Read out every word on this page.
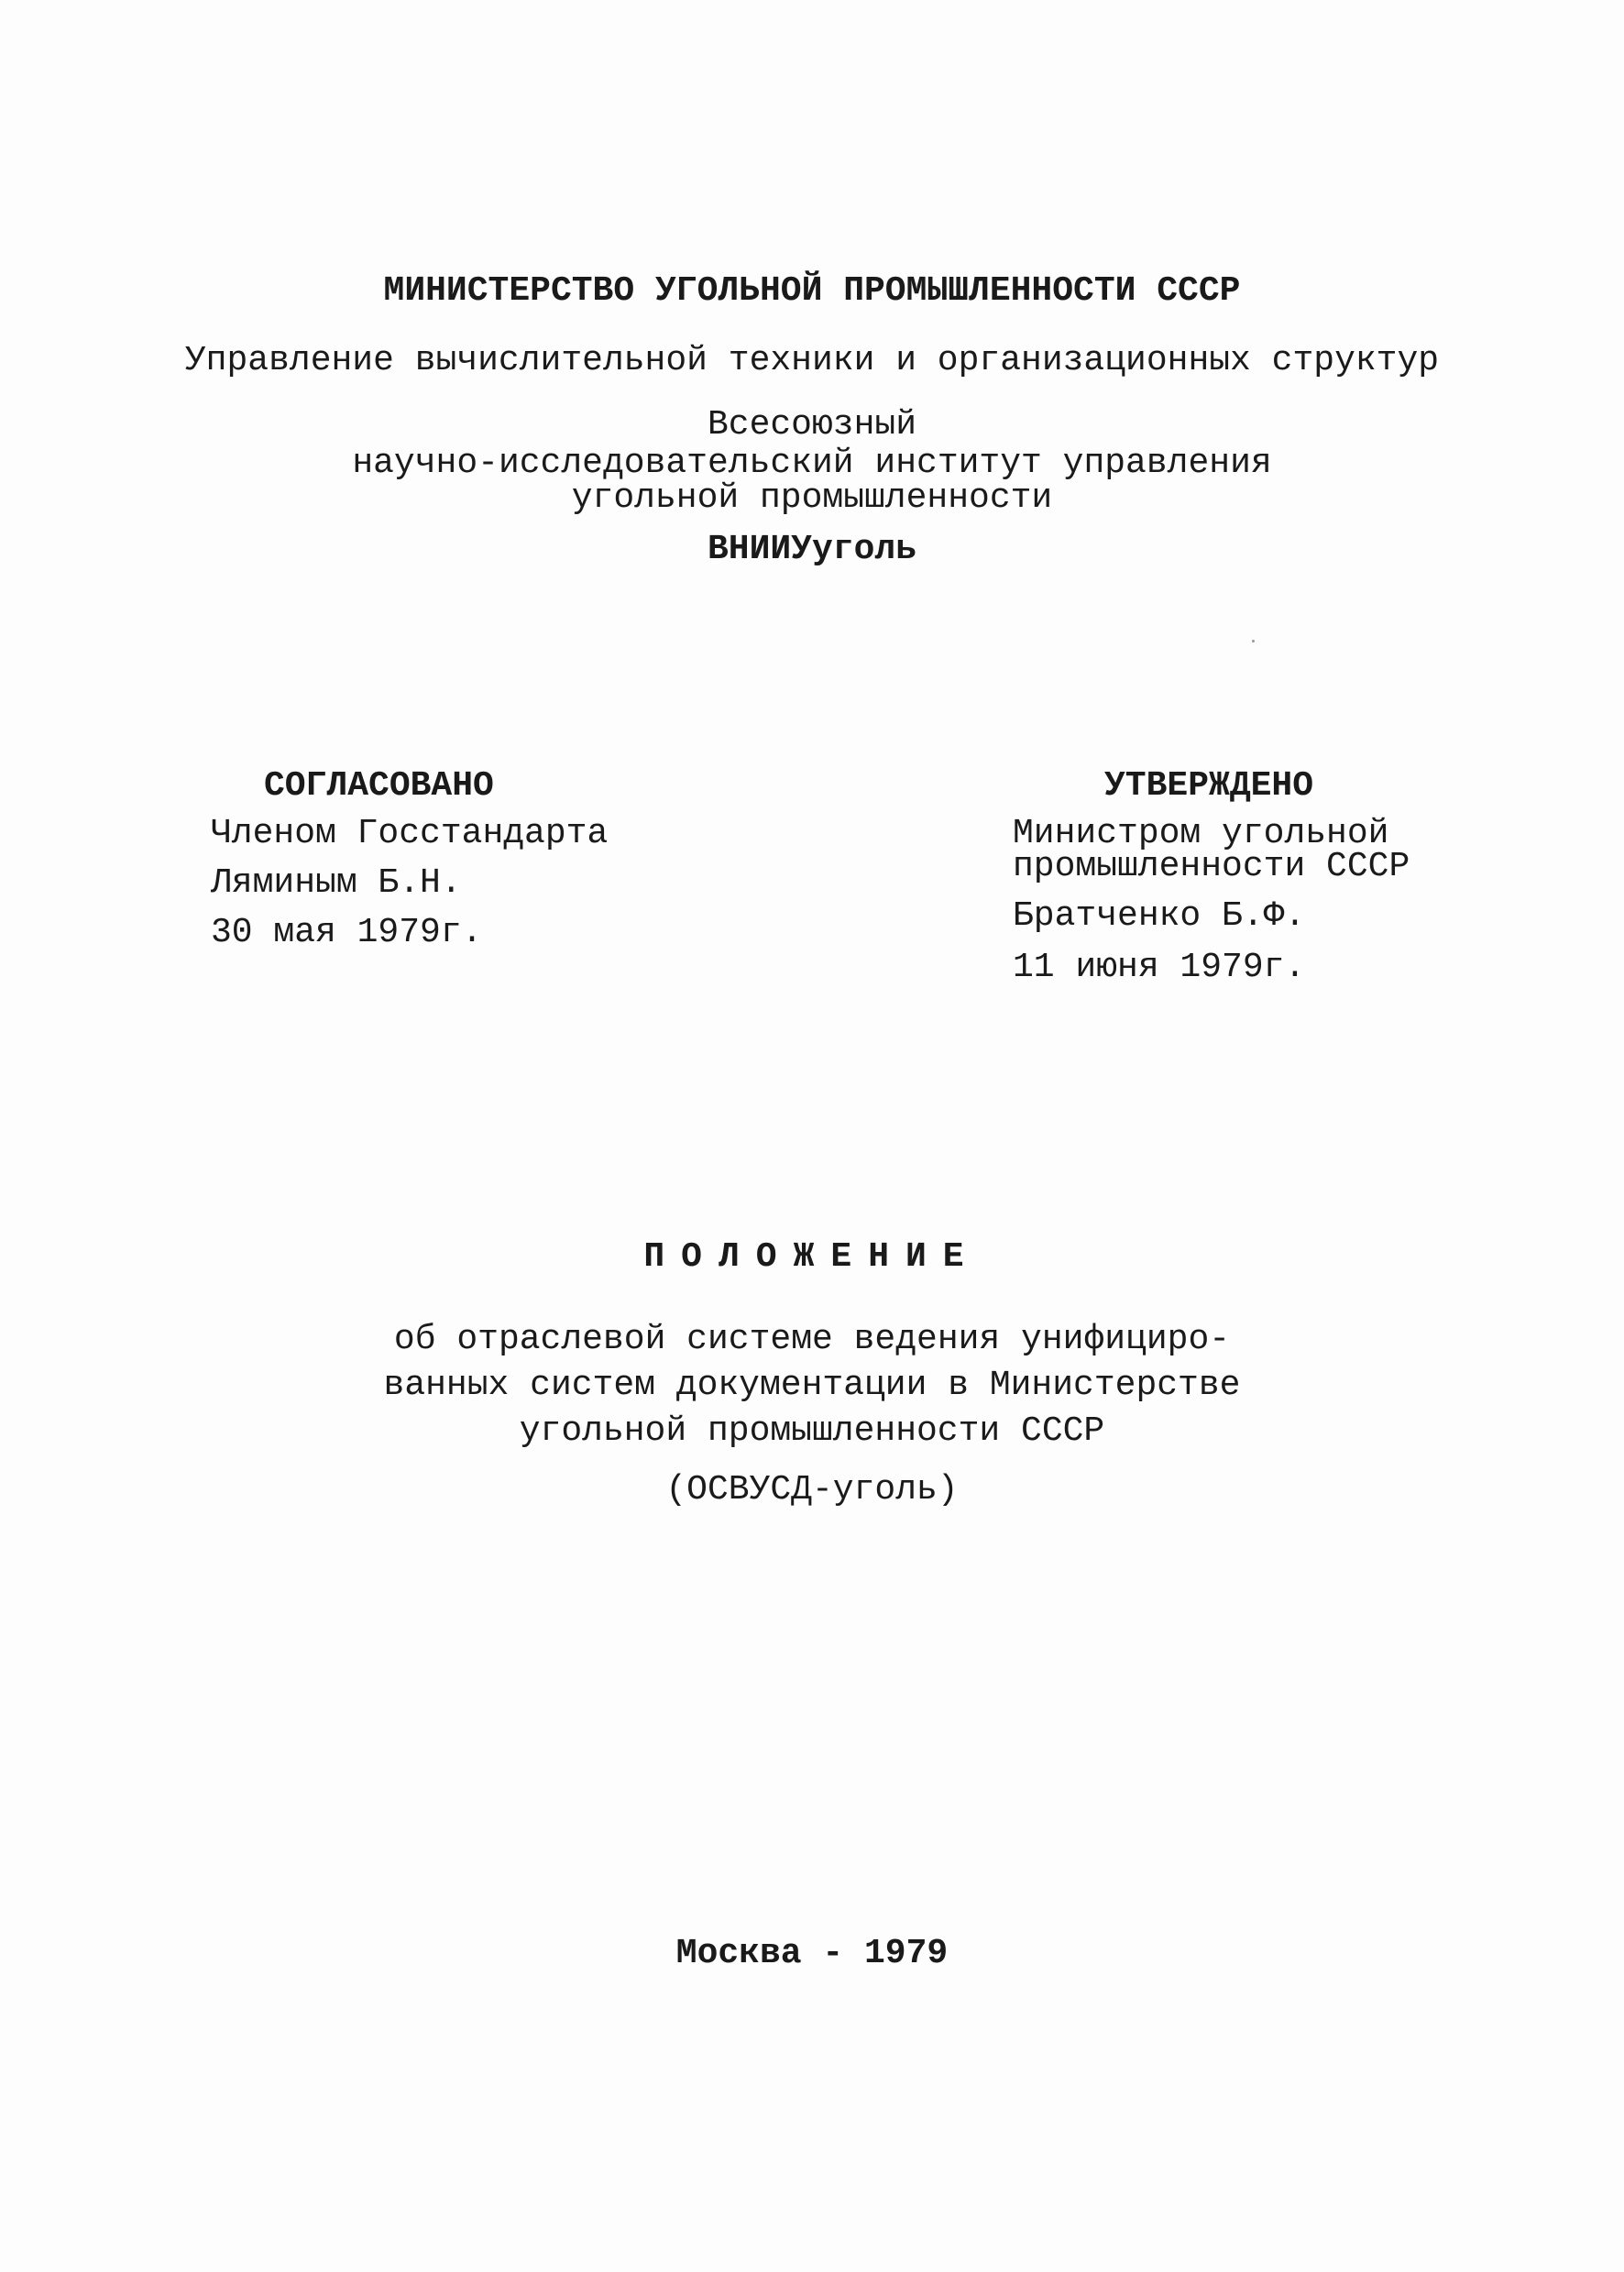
МИНИСТЕРСТВО УГОЛЬНОЙ ПРОМЫШЛЕННОСТИ СССР
Управление вычислительной техники и организационных структур
Всесоюзный
научно-исследовательский институт управления
угольной промышленности
ВНИИУуголь
СОГЛАСОВАНО
Членом Госстандарта
Ляминым Б.Н.
30 мая 1979г.
УТВЕРЖДЕНО
Министром угольной
промышленности СССР
Братченко Б.Ф.
11 июня 1979г.
ПОЛОЖЕНИЕ
об отраслевой системе ведения унифициро-
ванных систем документации в Министерстве
угольной промышленности СССР
(ОСВУСД-уголь)
Москва - 1979
